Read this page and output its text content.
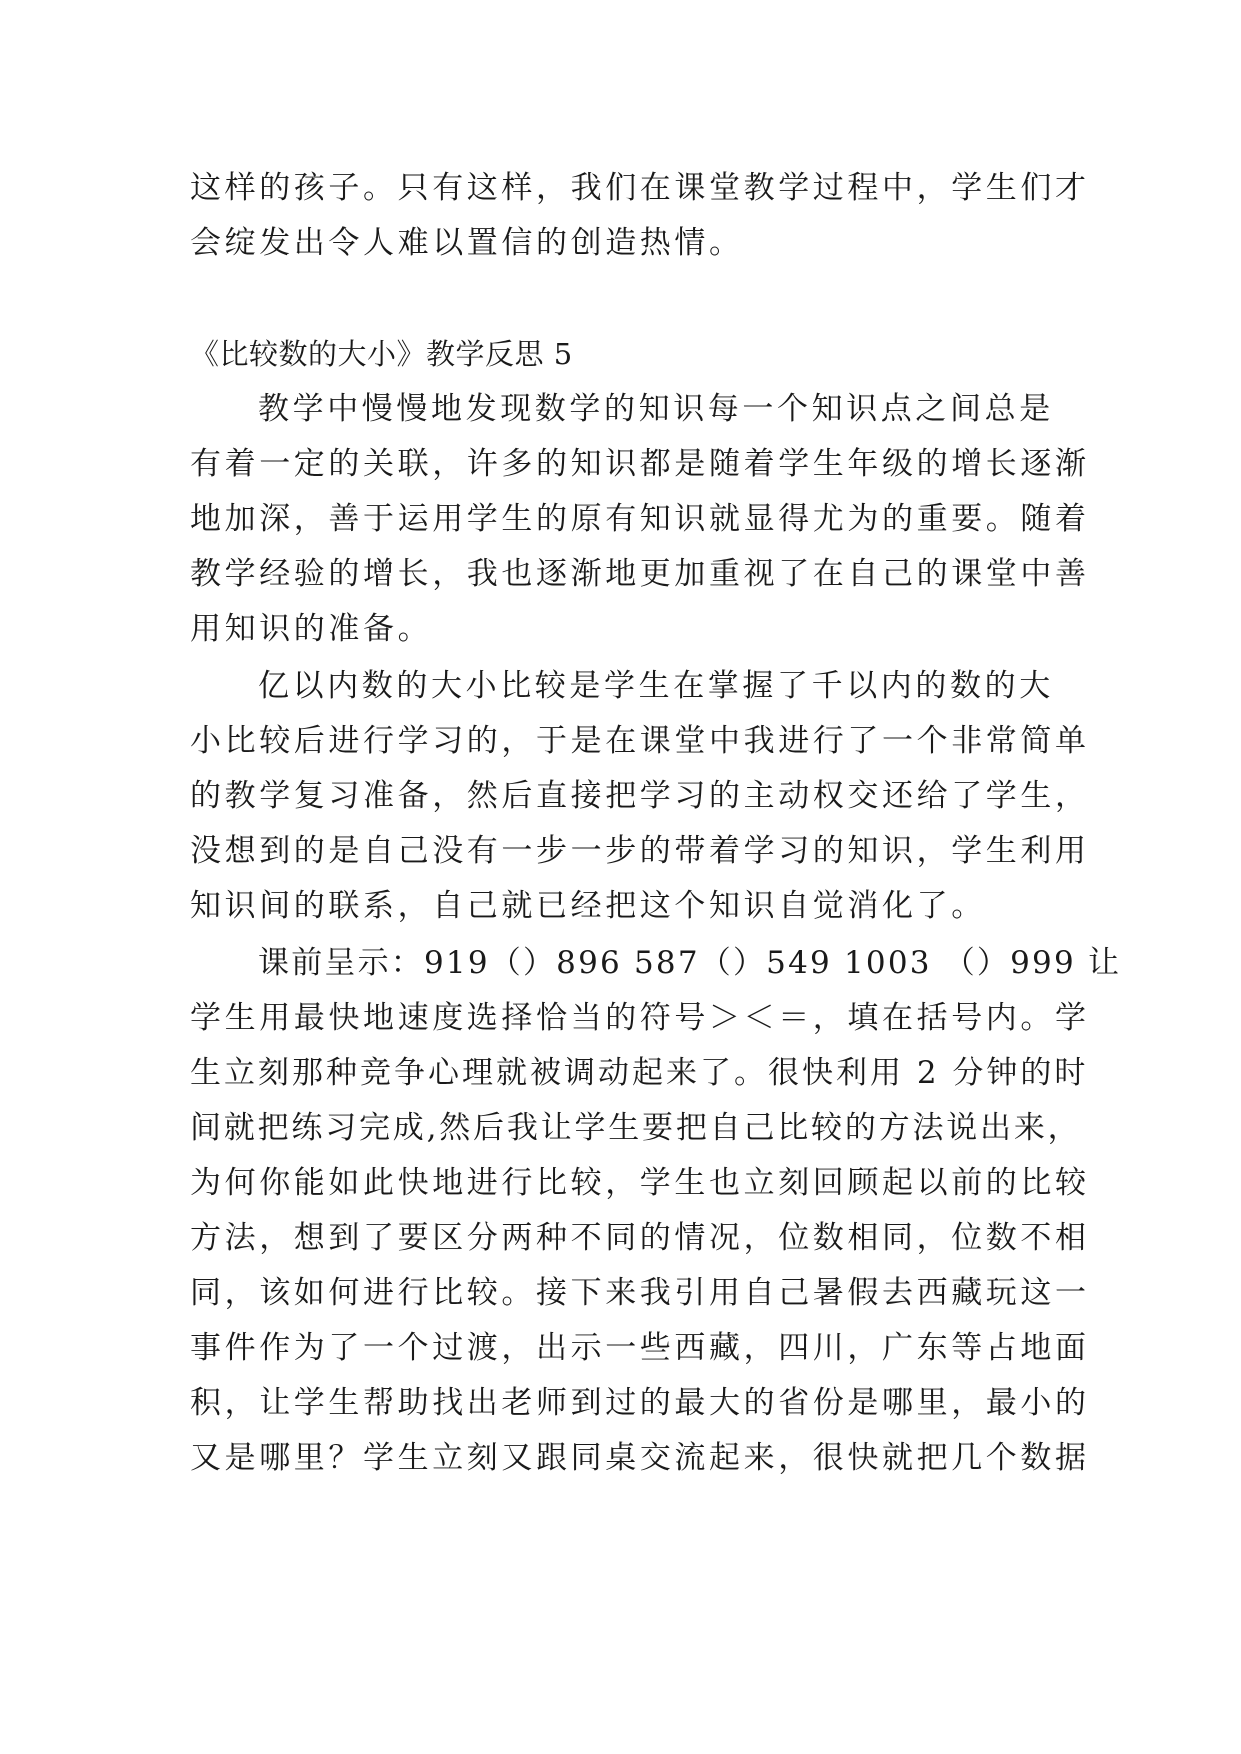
这样的孩子。只有这样，我们在课堂教学过程中，学生们才
会绽发出令人难以置信的创造热情。
《比较数的大小》教学反思 5
教学中慢慢地发现数学的知识每一个知识点之间总是
有着一定的关联，许多的知识都是随着学生年级的增长逐渐
地加深，善于运用学生的原有知识就显得尤为的重要。随着
教学经验的增长，我也逐渐地更加重视了在自己的课堂中善
用知识的准备。
亿以内数的大小比较是学生在掌握了千以内的数的大
小比较后进行学习的，于是在课堂中我进行了一个非常简单
的教学复习准备，然后直接把学习的主动权交还给了学生，
没想到的是自己没有一步一步的带着学习的知识，学生利用
知识间的联系，自己就已经把这个知识自觉消化了。
课前呈示：919（）896 587（）549 1003 （）999 让
学生用最快地速度选择恰当的符号＞＜＝，填在括号内。学
生立刻那种竞争心理就被调动起来了。很快利用 2 分钟的时
间就把练习完成,然后我让学生要把自己比较的方法说出来，
为何你能如此快地进行比较，学生也立刻回顾起以前的比较
方法，想到了要区分两种不同的情况，位数相同，位数不相
同，该如何进行比较。接下来我引用自己暑假去西藏玩这一
事件作为了一个过渡，出示一些西藏，四川，广东等占地面
积，让学生帮助找出老师到过的最大的省份是哪里，最小的
又是哪里？学生立刻又跟同桌交流起来，很快就把几个数据
